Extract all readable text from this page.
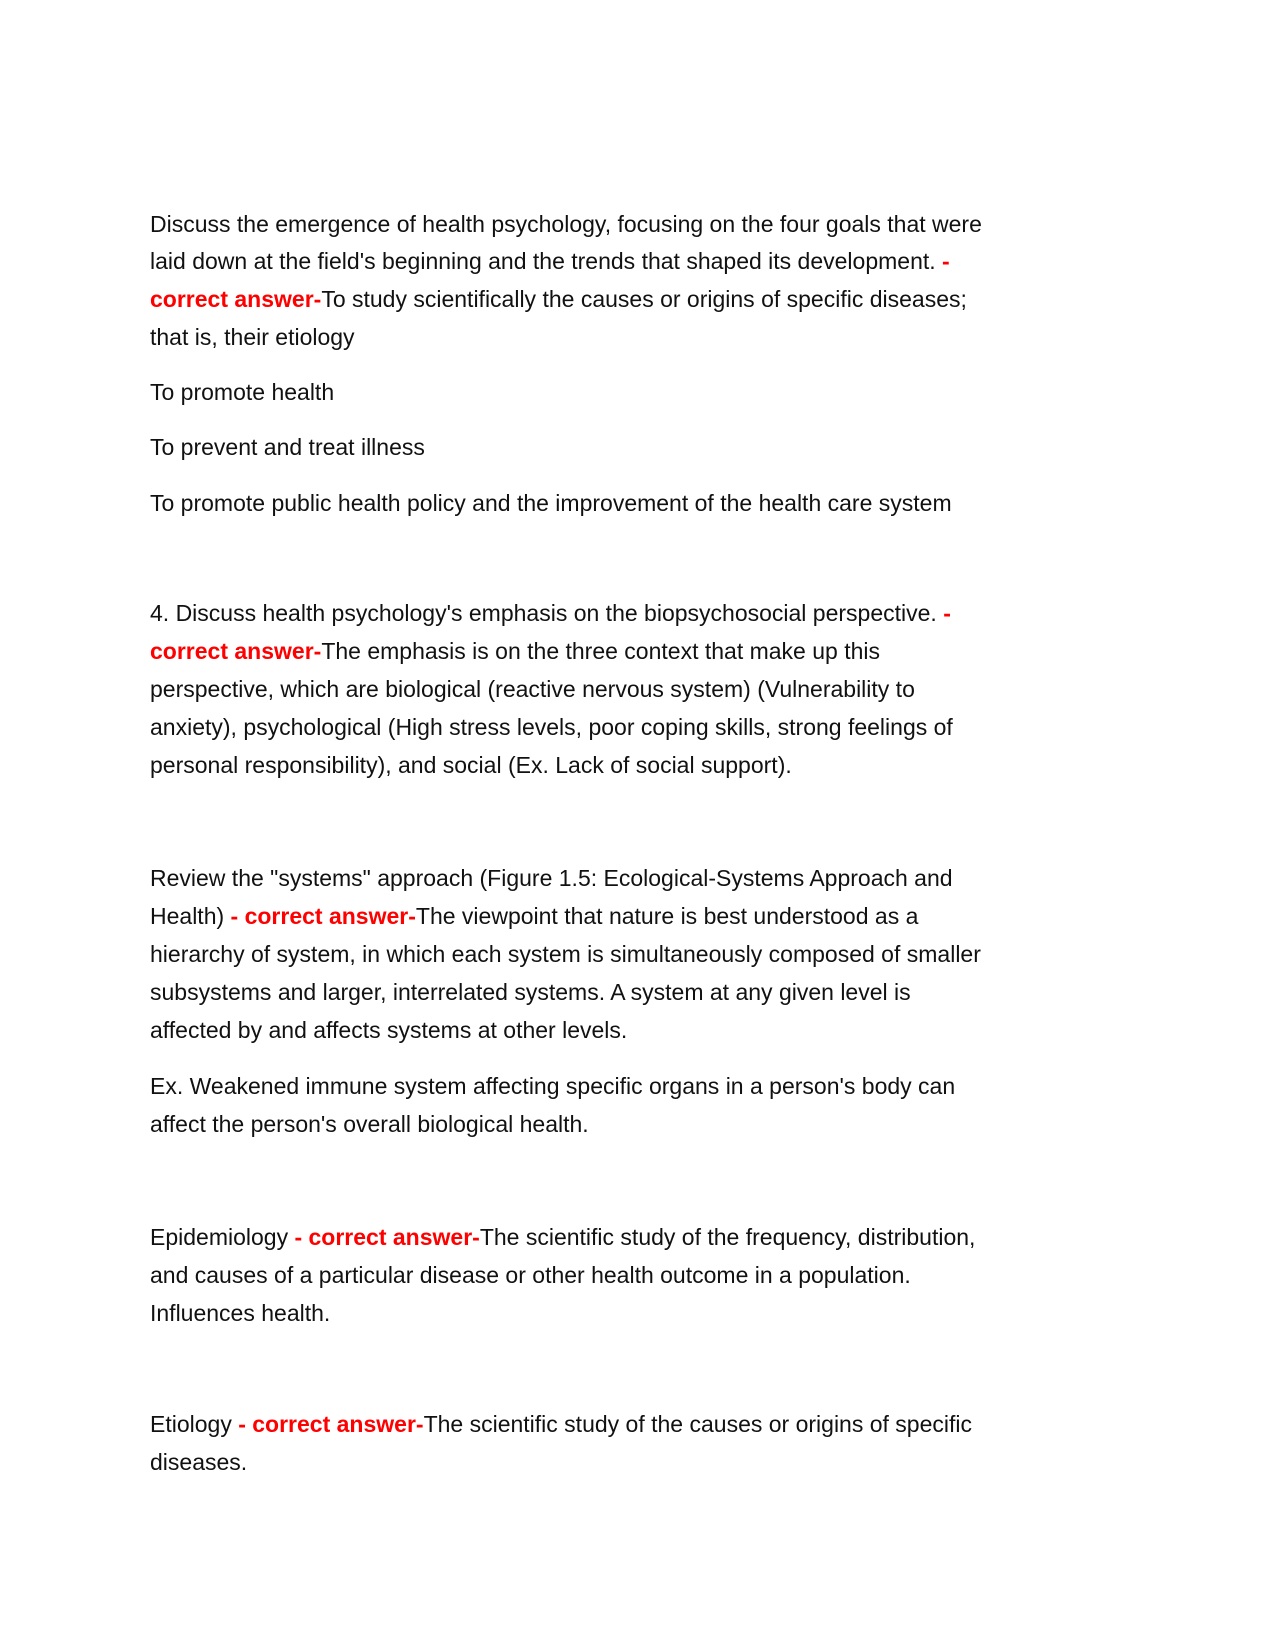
Discuss the emergence of health psychology, focusing on the four goals that were
laid down at the field's beginning and the trends that shaped its development. -
correct answer-To study scientifically the causes or origins of specific diseases;
that is, their etiology
To promote health
To prevent and treat illness
To promote public health policy and the improvement of the health care system
4. Discuss health psychology's emphasis on the biopsychosocial perspective. -
correct answer-The emphasis is on the three context that make up this
perspective, which are biological (reactive nervous system) (Vulnerability to
anxiety), psychological (High stress levels, poor coping skills, strong feelings of
personal responsibility), and social (Ex. Lack of social support).
Review the "systems" approach (Figure 1.5: Ecological-Systems Approach and
Health) - correct answer-The viewpoint that nature is best understood as a
hierarchy of system, in which each system is simultaneously composed of smaller
subsystems and larger, interrelated systems. A system at any given level is
affected by and affects systems at other levels.
Ex. Weakened immune system affecting specific organs in a person's body can
affect the person's overall biological health.
Epidemiology - correct answer-The scientific study of the frequency, distribution,
and causes of a particular disease or other health outcome in a population.
Influences health.
Etiology - correct answer-The scientific study of the causes or origins of specific
diseases.
